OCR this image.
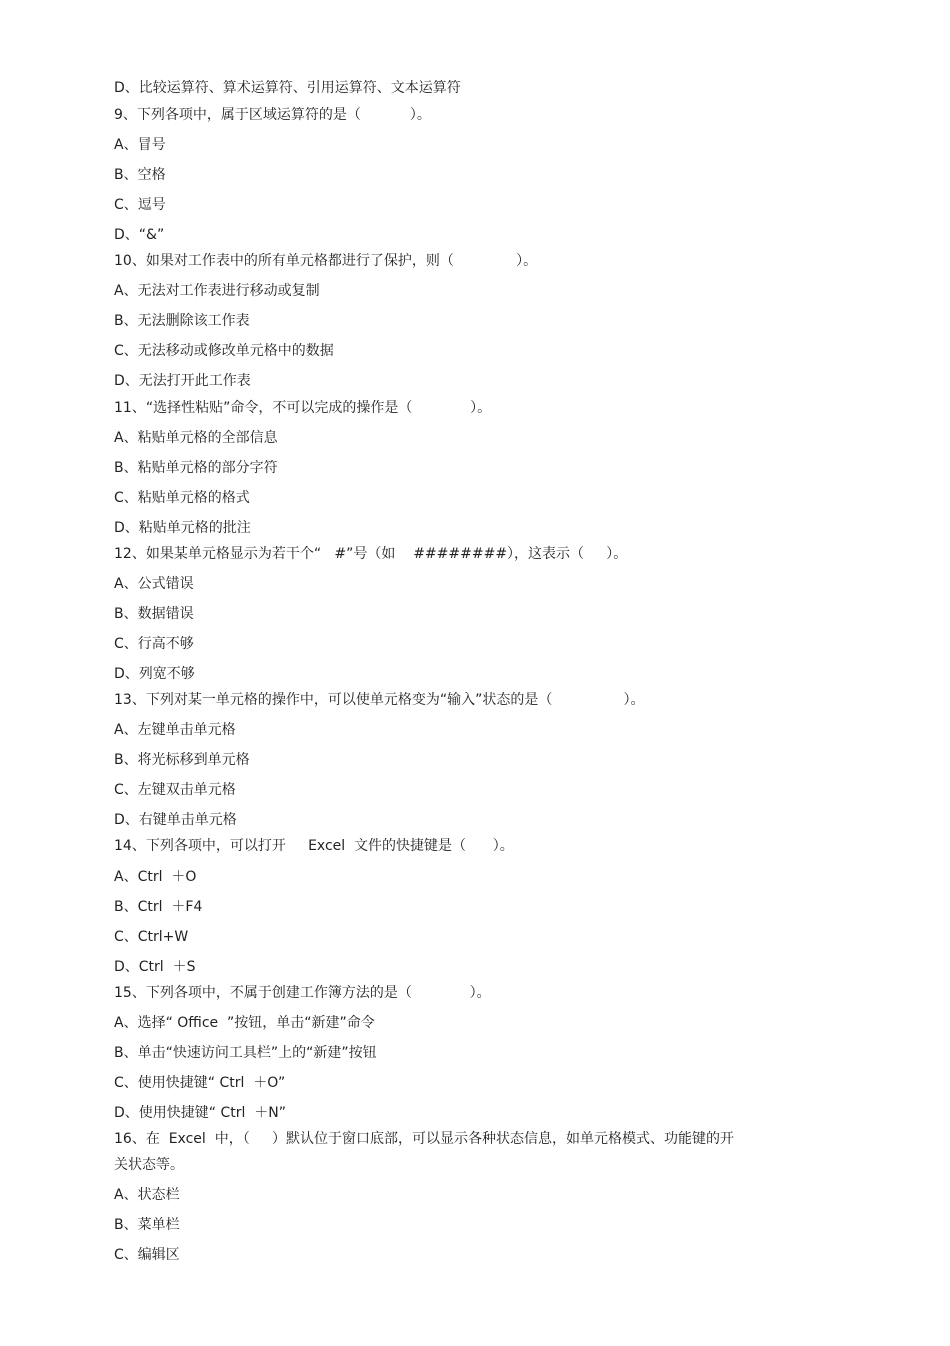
D、比较运算符、算术运算符、引用运算符、文本运算符
9、下列各项中，属于区域运算符的是（           ）。
A、冒号
B、空格
C、逗号
D、“&”
10、如果对工作表中的所有单元格都进行了保护，则（              ）。
A、无法对工作表进行移动或复制
B、无法删除该工作表
C、无法移动或修改单元格中的数据
D、无法打开此工作表
11、“选择性粘贴”命令，不可以完成的操作是（             ）。
A、粘贴单元格的全部信息
B、粘贴单元格的部分字符
C、粘贴单元格的格式
D、粘贴单元格的批注
12、如果某单元格显示为若干个“   #”号（如    ########），这表示（     ）。
A、公式错误
B、数据错误
C、行高不够
D、列宽不够
13、下列对某一单元格的操作中，可以使单元格变为“输入”状态的是（                ）。
A、左键单击单元格
B、将光标移到单元格
C、左键双击单元格
D、右键单击单元格
14、下列各项中，可以打开     Excel  文件的快捷键是（      ）。
A、Ctrl  ＋O
B、Ctrl  ＋F4
C、Ctrl+W
D、Ctrl  ＋S
15、下列各项中，不属于创建工作簿方法的是（             ）。
A、选择“ Office  ”按钮，单击“新建”命令
B、单击“快速访问工具栏”上的“新建”按钮
C、使用快捷键“ Ctrl  ＋O”
D、使用快捷键“ Ctrl  ＋N”
16、在  Excel  中，（     ）默认位于窗口底部，可以显示各种状态信息，如单元格模式、功能键的开
关状态等。
A、状态栏
B、菜单栏
C、编辑区
